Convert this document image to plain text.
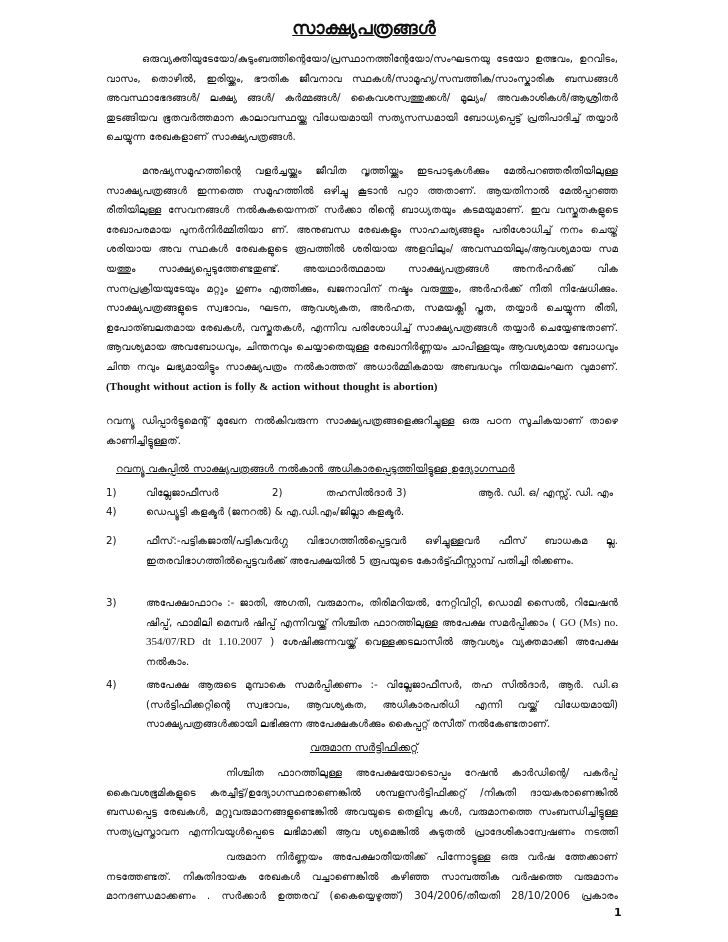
സാക്ഷ്യപത്രങ്ങൾ

ഒരുവ്യക്തിയുടേയോ/കുടുംബത്തിന്റെയോ/പ്രസ്ഥാനത്തിന്റേയോ/സംഘടനയു ടേയോ ഉത്ഭവം, ഉറവിടം, വാസം, തൊഴിൽ, ഇരിയ്ക്കം, ഭൗതിക ജീവനാവ സ്ഥകൾ/സാമൂഹ്യ/സമ്പത്തിക/സാംസ്കാരിക ബന്ധങ്ങൾ അവസ്ഥാഭേദങ്ങൾ/ ലക്ഷ്യ ങ്ങൾ/ കർമ്മങ്ങൾ/ കൈവശസ്വത്തുക്കൾ/ മൂല്യം/ അവകാശികൾ/ആശ്രിതർ തുടങ്ങിയവ ഭൂതവർത്തമാന കാലാവസ്ഥയ്ക്കു വിധേയമായി സത്യസന്ധമായി ബോധ്യപ്പെട്ട് പ്രതിപാദിച്ച് തയ്യാർ ചെയ്യുന്ന രേഖകളാണ് സാക്ഷ്യപത്രങ്ങൾ.

മനുഷ്യസമൂഹത്തിന്റെ വളർച്ചയ്ക്കും ജീവിത വൃത്തിയ്ക്കും ഇടപാടുകൾക്കും മേൽപറഞ്ഞരീതിയിലുള്ള സാക്ഷ്യപത്രങ്ങൾ ഇന്നത്തെ സമൂഹത്തിൽ ഒഴിച്ചു കൂടാൻ പറ്റാ ത്തതാണ്. ആയതിനാൽ മേൽപ്പറഞ്ഞ രീതിയിലുള്ള സേവനങ്ങൾ നൽകുകയെന്നത് സർക്കാ രിന്റെ ബാധ്യതയും കടമയുമാണ്. ഇവ വസ്തുതകളുടെ രേഖാപരമായ പുനർനിർമ്മിതിയാ ണ്. അനുബന്ധ രേഖകളും സാഹചര്യങ്ങളും പരിശോധിച്ച് നനം ചെയ്ത് ശരിയായ അവ സ്ഥകൾ രേഖകളുടെ രൂപത്തിൽ ശരിയായ അളവിലും/ അവസ്ഥയിലും/ആവശ്യമായ സമ യത്തും സാക്ഷ്യപ്പെടുത്തേണ്ടതുണ്ട്. അയഥാർത്ഥമായ സാക്ഷ്യപത്രങ്ങൾ അനർഹർക്ക് വിക സനപ്രക്രിയയുടേയും മറ്റും ഗുണം എത്തിക്കും, ഖജനാവിന് നഷ്ടം വരുത്തും, അർഹർക്ക് നീതി നിഷേധിക്കും. സാക്ഷ്യപത്രങ്ങളുടെ സ്വഭാവം, ഘടന, ആവശ്യകത, അർഹത, സമയക്ലി പ്തത, തയ്യാർ ചെയ്യുന്ന രീതി, ഉപോത്ബലതമായ രേഖകൾ, വസ്തുതകൾ, എന്നിവ പരിശോധിച്ച് സാക്ഷ്യപത്രങ്ങൾ തയ്യാർ ചെയ്യേണ്ടതാണ്. ആവശ്യമായ അവബോധവും, ചിന്തനവും ചെയ്യാതെയുള്ള രേഖാനിർണ്ണയം ചാപിള്ളയും ആവശ്യമായ ബോധവും ചിന്ത നവും ലഭ്യമായിട്ടും സാക്ഷ്യപത്രം നൽകാത്തത് അധാർമ്മികമായ അബദ്ധവും നിയമലംഘന വുമാണ്. (Thought without action is folly & action without thought is abortion)

റവന്യൂ ഡിപ്പാർട്ടുമെന്റ് മുഖേന നൽകിവരുന്ന സാക്ഷ്യപത്രങ്ങളെക്കുറിച്ചുള്ള ഒരു പഠന സൂചികയാണ് താഴെ കാണിച്ചിട്ടുള്ളത്.

റവന്യൂ വകുപ്പിൽ സാക്ഷ്യപത്രങ്ങൾ നൽകാൻ അധികാരപ്പെടുത്തിയിട്ടുള്ള ഉദ്യോഗസ്ഥർ
1)	വില്ലേജാഫീസർ	2)	തഹസിൽദാർ 3)	ആർ. ഡി. ഒ/ എസ്സ്. ഡി. എം
4)	ഡെപ്യൂട്ടി കളക്ടർ (ജനറൽ) & എ.ഡി.എം/ജില്ലാ കളക്ടർ.
2)	ഫീസ്:-പട്ടികജാതി/പട്ടികവർഗ്ഗ വിഭാഗത്തിൽപ്പെട്ടവർ ഒഴിച്ചുള്ളവർ ഫീസ് ബാധകമ ല്ല. ഇതരവിഭാഗത്തിൽപ്പെട്ടവർക്ക് അപേക്ഷയിൽ 5 രൂപയുടെ കോർട്ട്ഫീസ്റ്റാമ്പ് പതിച്ചി രിക്കണം.

3)	അപേക്ഷാഫാറം :- ജാതി, അഗതി, വരുമാനം, തിരിമറിയൽ, നേറ്റിവിറ്റി, ഡൊമി സൈൽ, റിലേഷൻ ഷിപ്പ്, ഫാമിലി മെമ്പർ ഷിപ്പ് എന്നിവയ്ക്ക് നിശ്ചിത ഫാറത്തിലുള്ള അപേക്ഷ സമർപ്പിക്കാം ( GO (Ms) no. 354/07/RD dt 1.10.2007 ) ശേഷിക്കുന്നവയ്ക്ക് വെള്ളക്കടലാസിൽ ആവശ്യം വ്യക്തമാക്കി അപേക്ഷ നൽകാം.

4)	അപേക്ഷ ആരുടെ മുമ്പാകെ സമർപ്പിക്കണം :- വില്ലേജാഫീസർ, തഹ സിൽദാർ, ആർ. ഡി.ഒ (സർട്ടിഫിക്കറ്റിന്റെ സ്വഭാവം, ആവശ്യകത, അധികാരപരിധി എന്നി വയ്ക്ക് വിധേയമായി) സാക്ഷ്യപത്രങ്ങൾക്കായി ലഭിക്കുന്ന അപേക്ഷകൾക്കും കൈപ്പറ്റ് രസീത് നൽകേണ്ടതാണ്.

വരുമാന സർട്ടിഫിക്കറ്റ്

നിശ്ചിത ഫാറത്തിലുള്ള അപേക്ഷയോടൊപ്പം റേഷൻ കാർഡിന്റെ/ പകർപ്പ് കൈവശഭൂമികളുടെ കരച്ചീട്ട്/ഉദ്യോഗസ്ഥരാണെങ്കിൽ ശമ്പളസർട്ടിഫിക്കറ്റ് /നികുതി ദായകരാണെങ്കിൽ ബന്ധപ്പെട്ട രേഖകൾ, മറ്റുവരുമാനങ്ങളുണ്ടെങ്കിൽ അവയുടെ തെളിവു കൾ, വരുമാനത്തെ സംബന്ധിച്ചിട്ടുള്ള സത്യപ്രസ്താവന എന്നിവയുൾപ്പെടെ ലഭിമാക്കി ആവ ശ്യമെങ്കിൽ കുടുതൽ പ്രാദേശികാന്വേഷണം നടത്തി

വരുമാന നിർണ്ണയം അപേക്ഷാതീയതിക്ക് പിന്നോട്ടുള്ള ഒരു വർഷ ത്തേക്കാണ് നടത്തേണ്ടത്. നികുതിദായക രേഖകൾ വച്ചാണെങ്കിൽ കഴിഞ്ഞ സാമ്പത്തിക വർഷത്തെ വരുമാനം മാനദണ്ഡമാക്കണം . സർക്കാർ ഉത്തരവ് (കൈയ്യെഴുത്ത്) 304/2006/തീയതി 28/10/2006 പ്രകാരം

1
